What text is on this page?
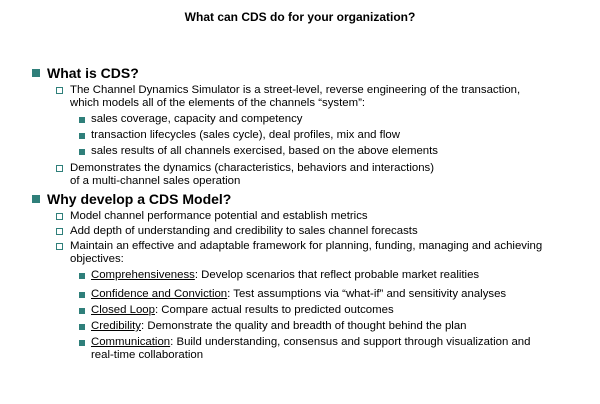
What can CDS do for your organization?
What is CDS?
The Channel Dynamics Simulator is a street-level, reverse engineering of the transaction,
which models all of the elements of the channels “system”:
sales coverage, capacity and competency
transaction lifecycles (sales cycle), deal profiles, mix and flow
sales results of all channels exercised, based on the above elements
Demonstrates the dynamics (characteristics, behaviors and interactions)
of a multi-channel sales operation
Why develop a CDS Model?
Model channel performance potential and establish metrics
Add depth of understanding and credibility to sales channel forecasts
Maintain an effective and adaptable framework for planning, funding, managing and achieving
objectives:
Comprehensiveness: Develop scenarios that reflect probable market realities
Confidence and Conviction: Test assumptions via “what-if” and sensitivity analyses
Closed Loop: Compare actual results to predicted outcomes
Credibility: Demonstrate the quality and breadth of thought behind the plan
Communication: Build understanding, consensus and support through visualization and
real-time collaboration
